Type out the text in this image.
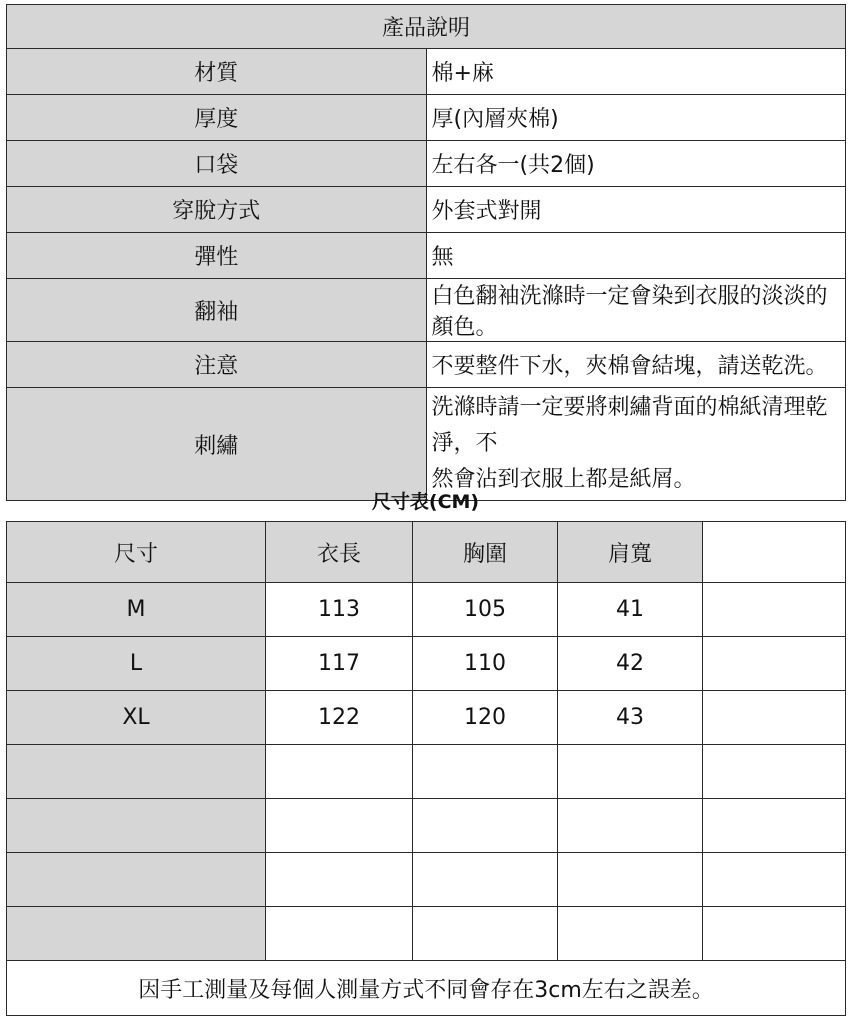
產品說明	
材質	棉+麻
厚度	厚(內層夾棉)
口袋	左右各一(共2個)
穿脫方式	外套式對開
彈性	無
翻袖	白色翻袖洗滌時一定會染到衣服的淡淡的顏色。
注意	不要整件下水，夾棉會結塊，請送乾洗。
刺繡	洗滌時請一定要將刺繡背面的棉紙清理乾淨，不
然會沾到衣服上都是紙屑。
尺寸表(CM)
尺寸	衣長	胸圍	肩寬	
M	113	105	41	
L	117	110	42	
XL	122	120	43	

因手工測量及每個人測量方式不同會存在3cm左右之誤差。				
